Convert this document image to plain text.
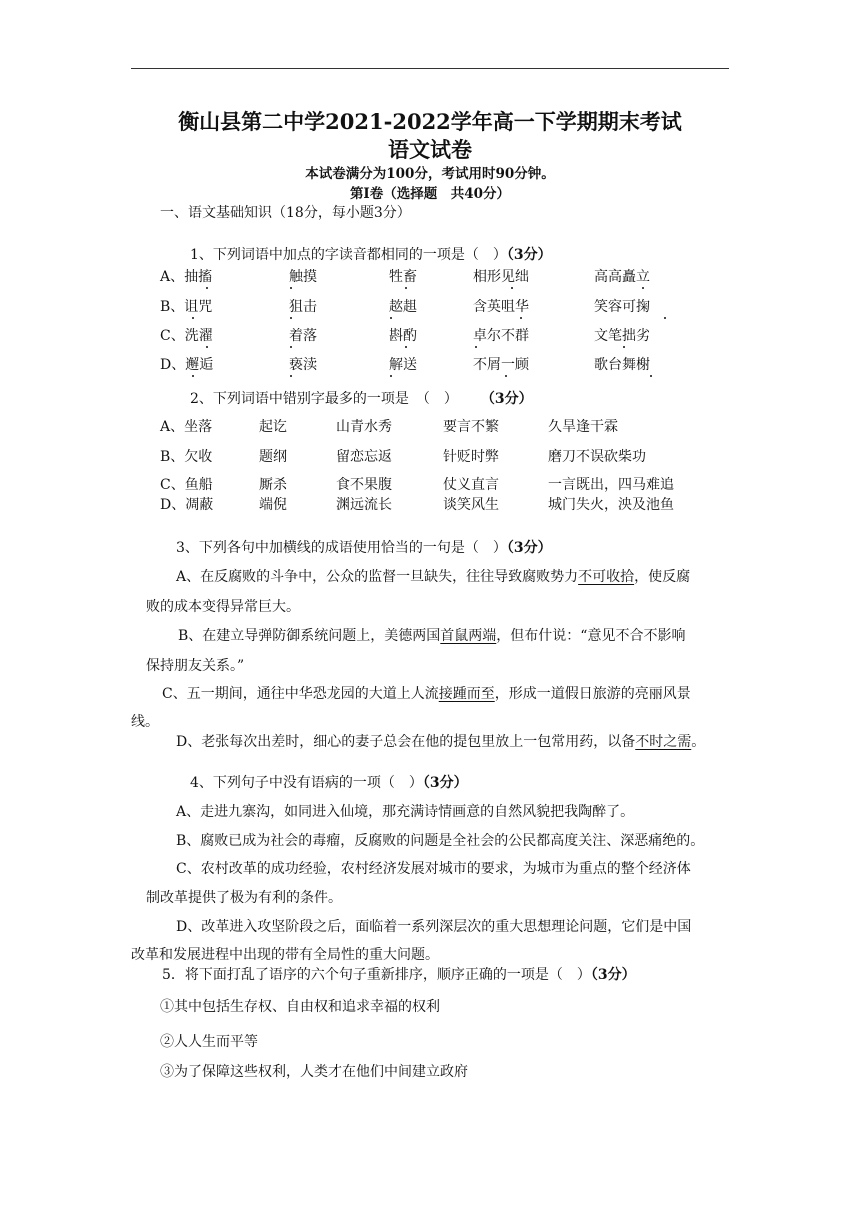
衡山县第二中学2021-2022学年高一下学期期末考试
语文试卷
本试卷满分为100分，考试用时90分钟。
第Ⅰ卷（选择题　共40分）
一、语文基础知识（18分，每小题3分）
1、下列词语中加点的字读音都相同的一项是（　）（3分）
A、抽搐	触摸	牲畜	相形见绌	高高矗立
B、诅咒	狙击	趑趄	含英咀华	笑容可掬
C、洗濯	着落	斟酌	卓尔不群	文笔拙劣
D、邂逅	亵渎	解送	不屑一顾	歌台舞榭
2、下列词语中错别字最多的一项是　（　） （3分）
A、坐落	起讫	山青水秀	要言不繁	久旱逢干霖
B、欠收	题纲	留恋忘返	针贬时弊	磨刀不误砍柴功
C、鱼船	厮杀	食不果腹	仗义直言	一言既出，四马难追
D、凋蔽	端倪	渊远流长	谈笑风生	城门失火，泱及池鱼
3、下列各句中加横线的成语使用恰当的一句是（　）（3分）
A、在反腐败的斗争中，公众的监督一旦缺失，往往导致腐败势力不可收拾，使反腐
败的成本变得异常巨大。
B、在建立导弹防御系统问题上，美德两国首鼠两端，但布什说：“意见不合不影响
保持朋友关系。”
C、五一期间，通往中华恐龙园的大道上人流接踵而至，形成一道假日旅游的亮丽风景
线。
D、老张每次出差时，细心的妻子总会在他的提包里放上一包常用药，以备不时之需。
4、下列句子中没有语病的一项（　）（3分）
A、走进九寨沟，如同进入仙境，那充满诗情画意的自然风貌把我陶醉了。
B、腐败已成为社会的毒瘤，反腐败的问题是全社会的公民都高度关注、深恶痛绝的。
C、农村改革的成功经验，农村经济发展对城市的要求，为城市为重点的整个经济体
制改革提供了极为有利的条件。
D、改革进入攻坚阶段之后，面临着一系列深层次的重大思想理论问题，它们是中国
改革和发展进程中出现的带有全局性的重大问题。
5．将下面打乱了语序的六个句子重新排序，顺序正确的一项是（　）（3分）
①其中包括生存权、自由权和追求幸福的权利
②人人生而平等
③为了保障这些权利，人类才在他们中间建立政府
